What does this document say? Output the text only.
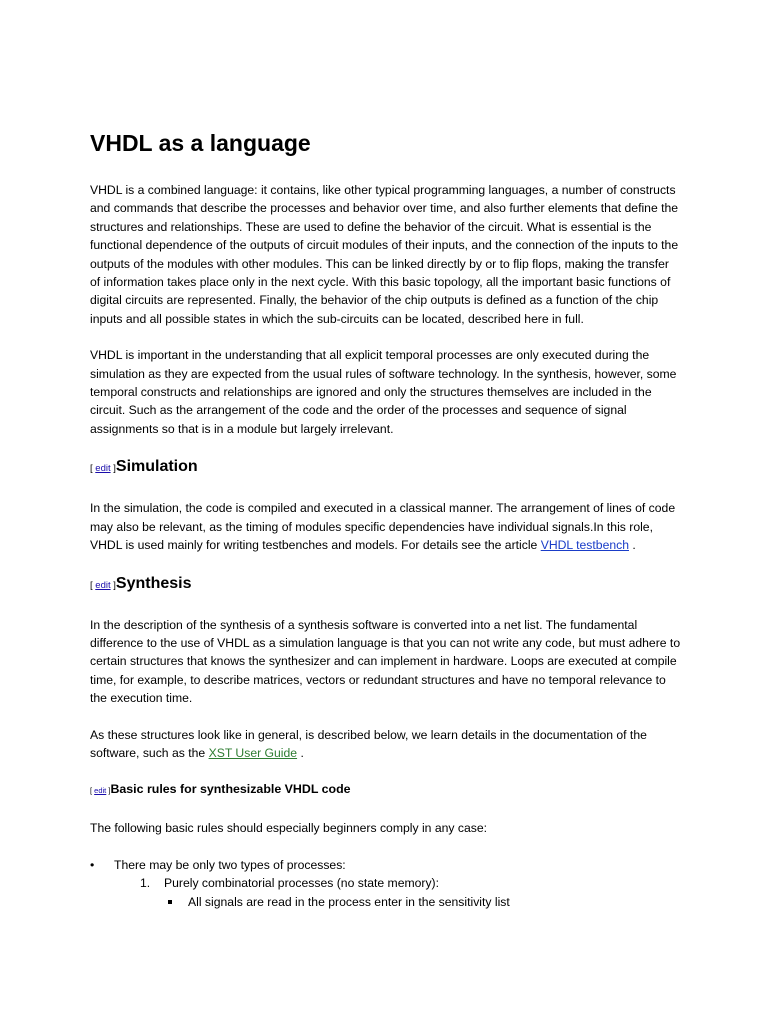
VHDL as a language

VHDL is a combined language: it contains, like other typical programming languages, a number of constructs and commands that describe the processes and behavior over time, and also further elements that define the structures and relationships. These are used to define the behavior of the circuit. What is essential is the functional dependence of the outputs of circuit modules of their inputs, and the connection of the inputs to the outputs of the modules with other modules. This can be linked directly by or to flip flops, making the transfer of information takes place only in the next cycle. With this basic topology, all the important basic functions of digital circuits are represented. Finally, the behavior of the chip outputs is defined as a function of the chip inputs and all possible states in which the sub-circuits can be located, described here in full.

VHDL is important in the understanding that all explicit temporal processes are only executed during the simulation as they are expected from the usual rules of software technology. In the synthesis, however, some temporal constructs and relationships are ignored and only the structures themselves are included in the circuit. Such as the arrangement of the code and the order of the processes and sequence of signal assignments so that is in a module but largely irrelevant.

[ edit ]Simulation

In the simulation, the code is compiled and executed in a classical manner. The arrangement of lines of code may also be relevant, as the timing of modules specific dependencies have individual signals.In this role, VHDL is used mainly for writing testbenches and models. For details see the article VHDL testbench .

[ edit ]Synthesis

In the description of the synthesis of a synthesis software is converted into a net list. The fundamental difference to the use of VHDL as a simulation language is that you can not write any code, but must adhere to certain structures that knows the synthesizer and can implement in hardware. Loops are executed at compile time, for example, to describe matrices, vectors or redundant structures and have no temporal relevance to the execution time.

As these structures look like in general, is described below, we learn details in the documentation of the software, such as the XST User Guide .

[ edit ]Basic rules for synthesizable VHDL code

The following basic rules should especially beginners comply in any case:

• There may be only two types of processes:
1. Purely combinatorial processes (no state memory):
All signals are read in the process enter in the sensitivity list
